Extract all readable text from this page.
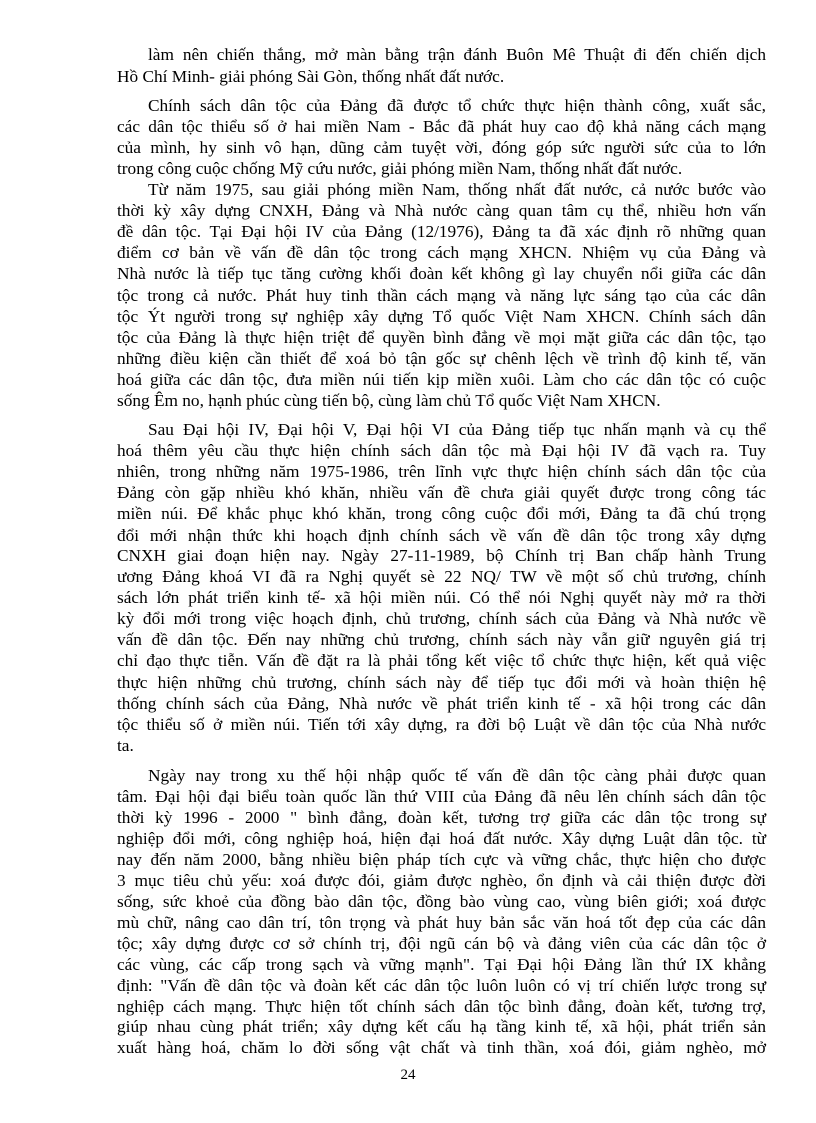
làm nên chiến thắng, mở màn bằng trận đánh Buôn Mê Thuật đi đến chiến dịch
Hồ Chí Minh- giải phóng Sài Gòn, thống nhất đất nước.
Chính sách dân tộc của Đảng đã được tổ chức thực hiện thành công, xuất sắc,
các dân tộc thiểu số ở hai miền Nam - Bắc đã phát huy cao độ khả năng cách mạng
của mình, hy sinh vô hạn, dũng cảm tuyệt vời, đóng góp sức người sức của to lớn
trong công cuộc chống Mỹ cứu nước, giải phóng miền Nam, thống nhất đất nước.
Từ năm 1975, sau giải phóng miền Nam, thống nhất đất nước, cả nước bước vào
thời kỳ xây dựng CNXH, Đảng và Nhà nước càng quan tâm cụ thể, nhiều hơn vấn
đề dân tộc. Tại Đại hội IV của Đảng (12/1976), Đảng ta đã xác định rõ những quan
điểm cơ bản về vấn đề dân tộc trong cách mạng XHCN. Nhiệm vụ của Đảng và
Nhà nước là tiếp tục tăng cường khối đoàn kết không gì lay chuyển nổi giữa các dân
tộc trong cả nước. Phát huy tinh thần cách mạng và năng lực sáng tạo của các dân
tộc Ýt người trong sự nghiệp xây dựng Tổ quốc Việt Nam XHCN. Chính sách dân
tộc của Đảng là thực hiện triệt để quyền bình đẳng về mọi mặt giữa các dân tộc, tạo
những điều kiện cần thiết để xoá bỏ tận gốc sự chênh lệch về trình độ kinh tế, văn
hoá giữa các dân tộc, đưa miền núi tiến kịp miền xuôi. Làm cho các dân tộc có cuộc
sống Êm no, hạnh phúc cùng tiến bộ, cùng làm chủ Tổ quốc Việt Nam XHCN.
Sau Đại hội IV, Đại hội V, Đại hội VI của Đảng tiếp tục nhấn mạnh và cụ thể
hoá thêm yêu cầu thực hiện chính sách dân tộc mà Đại hội IV đã vạch ra. Tuy
nhiên, trong những năm 1975-1986, trên lĩnh vực thực hiện chính sách dân tộc của
Đảng còn gặp nhiều khó khăn, nhiều vấn đề chưa giải quyết được trong công tác
miền núi. Để khắc phục khó khăn, trong công cuộc đổi mới, Đảng ta đã chú trọng
đổi mới nhận thức khi hoạch định chính sách về vấn đề dân tộc trong xây dựng
CNXH giai đoạn hiện nay. Ngày 27-11-1989, bộ Chính trị Ban chấp hành Trung
ương Đảng khoá VI đã ra Nghị quyết sè 22 NQ/ TW về một số chủ trương, chính
sách lớn phát triển kinh tế- xã hội miền núi. Có thể nói Nghị quyết này mở ra thời
kỳ đổi mới trong việc hoạch định, chủ trương, chính sách của Đảng và Nhà nước về
vấn đề dân tộc. Đến nay những chủ trương, chính sách này vẫn giữ nguyên giá trị
chỉ đạo thực tiễn. Vấn đề đặt ra là phải tổng kết việc tổ chức thực hiện, kết quả việc
thực hiện những chủ trương, chính sách này để tiếp tục đổi mới và hoàn thiện hệ
thống chính sách của Đảng, Nhà nước về phát triển kinh tế - xã hội trong các dân
tộc thiểu số ở miền núi. Tiến tới xây dựng, ra đời bộ Luật về dân tộc của Nhà nước
ta.
Ngày nay trong xu thế hội nhập quốc tế vấn đề dân tộc càng phải được quan
tâm. Đại hội đại biểu toàn quốc lần thứ VIII của Đảng đã nêu lên chính sách dân tộc
thời kỳ 1996 - 2000 " bình đẳng, đoàn kết, tương trợ giữa các dân tộc trong sự
nghiệp đổi mới, công nghiệp hoá, hiện đại hoá đất nước. Xây dựng Luật dân tộc. từ
nay đến năm 2000, bằng nhiều biện pháp tích cực và vững chắc, thực hiện cho được
3 mục tiêu chủ yếu: xoá được đói, giảm được nghèo, ổn định và cải thiện được đời
sống, sức khoẻ của đồng bào dân tộc, đồng bào vùng cao, vùng biên giới; xoá được
mù chữ, nâng cao dân trí, tôn trọng và phát huy bản sắc văn hoá tốt đẹp của các dân
tộc; xây dựng được cơ sở chính trị, đội ngũ cán bộ và đảng viên của các dân tộc ở
các vùng, các cấp trong sạch và vững mạnh". Tại Đại hội Đảng lần thứ IX khẳng
định: "Vấn đề dân tộc và đoàn kết các dân tộc luôn luôn có vị trí chiến lược trong sự
nghiệp cách mạng. Thực hiện tốt chính sách dân tộc bình đẳng, đoàn kết, tương trợ,
giúp nhau cùng phát triển; xây dựng kết cấu hạ tầng kinh tế, xã hội, phát triển sản
xuất hàng hoá, chăm lo đời sống vật chất và tinh thần, xoá đói, giảm nghèo, mở
24
